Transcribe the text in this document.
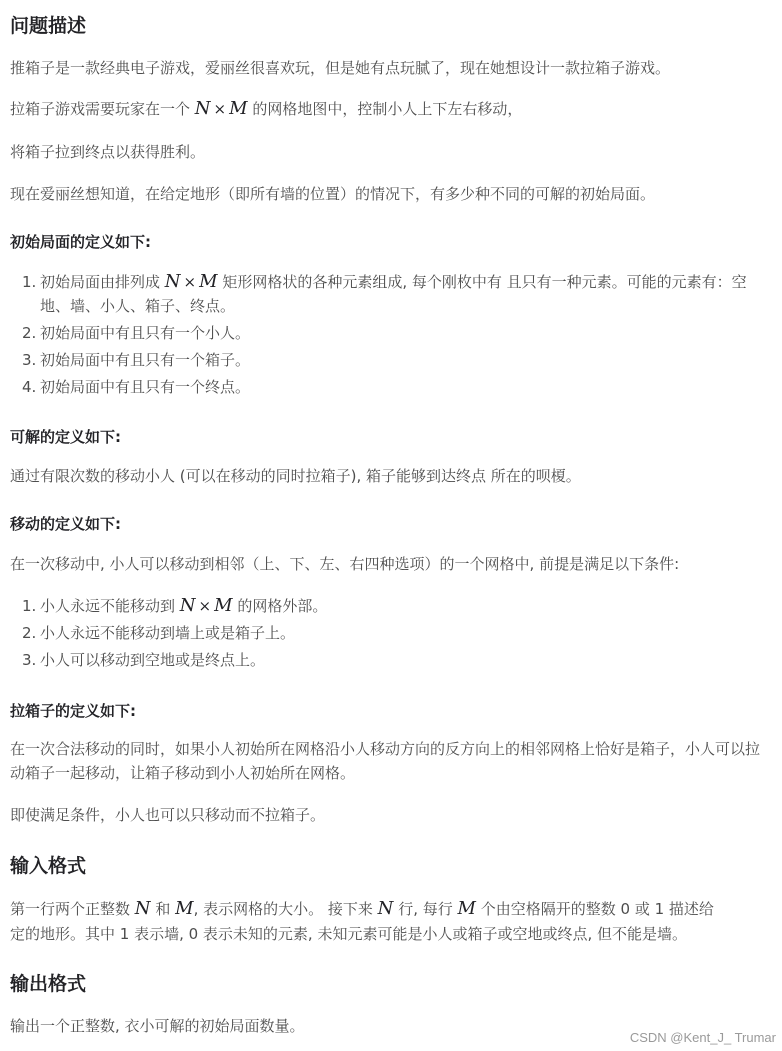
问题描述

推箱子是一款经典电子游戏，爱丽丝很喜欢玩，但是她有点玩腻了，现在她想设计一款拉箱子游戏。

拉箱子游戏需要玩家在一个 N × M 的网格地图中，控制小人上下左右移动，

将箱子拉到终点以获得胜利。

现在爱丽丝想知道，在给定地形（即所有墙的位置）的情况下，有多少种不同的可解的初始局面。

初始局面的定义如下:
1. 初始局面由排列成 N × M 矩形网格状的各种元素组成, 每个刚枚中有 且只有一种元素。可能的元素有：空地、墙、小人、箱子、终点。
2. 初始局面中有且只有一个小人。
3. 初始局面中有且只有一个箱子。
4. 初始局面中有且只有一个终点。
可解的定义如下:

通过有限次数的移动小人 (可以在移动的同时拉箱子), 箱子能够到达终点 所在的呗榎。

移动的定义如下:

在一次移动中, 小人可以移动到相邻（上、下、左、右四种选项）的一个网格中, 前提是满足以下条件:

1. 小人永远不能移动到 N × M 的网格外部。
2. 小人永远不能移动到墙上或是箱子上。
3. 小人可以移动到空地或是终点上。
拉箱子的定义如下:

在一次合法移动的同时，如果小人初始所在网格沿小人移动方向的反方向上的相邻网格上恰好是箱子，小人可以拉动箱子一起移动，让箱子移动到小人初始所在网格。

即使满足条件，小人也可以只移动而不拉箱子。

输入格式

第一行两个正整数 N 和 M, 表示网格的大小。 接下来 N 行, 每行 M 个由空格隔开的整数 0 或 1 描述给

定的地形。其中 1 表示墙, 0 表示未知的元素, 未知元素可能是小人或箱子或空地或终点, 但不能是墙。

输出格式

输出一个正整数, 衣小可解的初始局面数量。

CSDN @Kent_J_ Trumar
